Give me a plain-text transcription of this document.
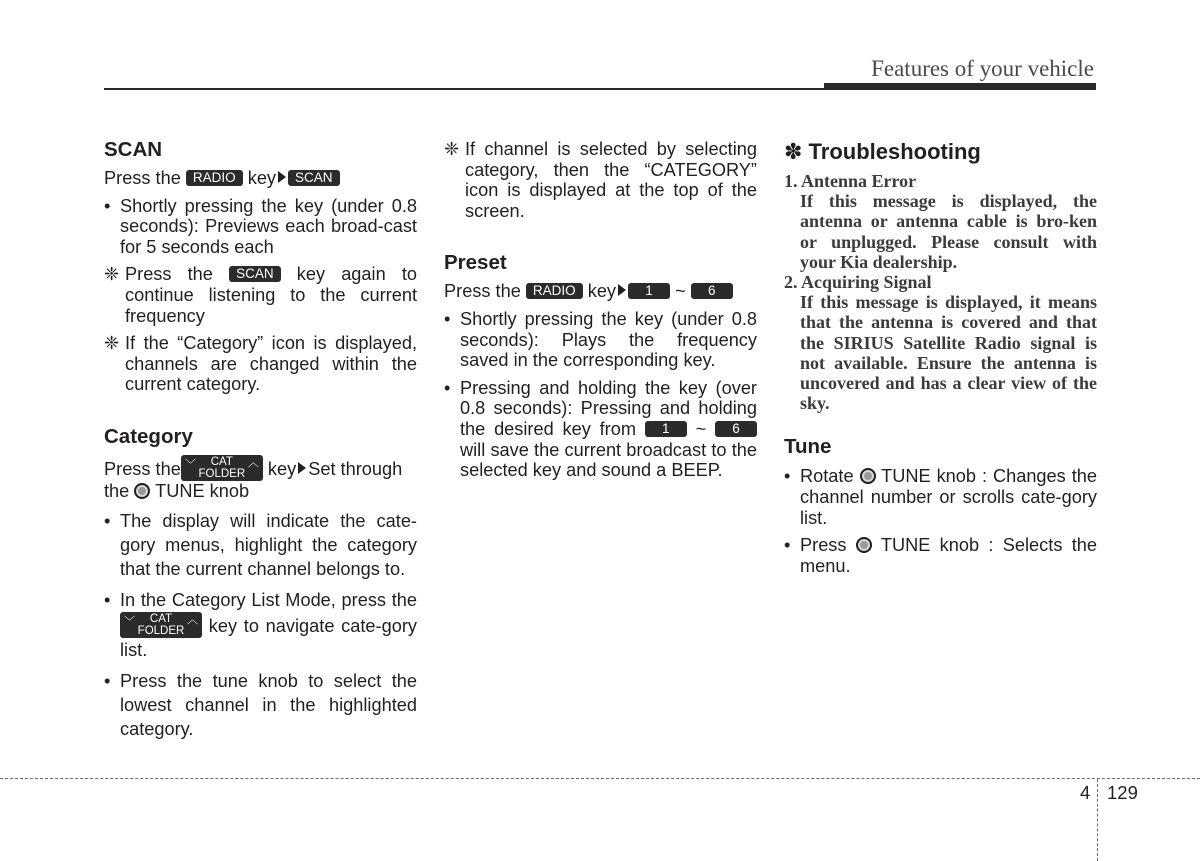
Features of your vehicle
SCAN

Press the RADIO key SCAN

• Shortly pressing the key (under 0.8 seconds): Previews each broad-cast for 5 seconds each
❈ Press the SCAN key again to continue listening to the current frequency
❈ If the “Category” icon is displayed, channels are changed within the current category.
Category

Press the ﹀	CAT
FOLDER
︿ key Set through
the TUNE knob

• The display will indicate the cate-gory menus, highlight the category that the current channel belongs to.
• In the Category List Mode, press the
﹀	CAT
FOLDER
︿ key to navigate cate-gory list.
• Press the tune knob to select the lowest channel in the highlighted category.
❈ If channel is selected by selecting category, then the “CATEGORY” icon is displayed at the top of the screen.
Preset

Press the RADIO key 1 ~ 6

• Shortly pressing the key (under 0.8 seconds): Plays the frequency saved in the corresponding key.
• Pressing and holding the key (over 0.8 seconds): Pressing and holding the desired key from 1 ~ 6 will save the current broadcast to the selected key and sound a BEEP.
✽ Troubleshooting
1. Antenna Error
If this message is displayed, the antenna or antenna cable is bro-ken or unplugged. Please consult with your Kia dealership.
2. Acquiring Signal
If this message is displayed, it means that the antenna is covered and that the SIRIUS Satellite Radio signal is not available. Ensure the antenna is uncovered and has a clear view of the sky.
Tune
• Rotate TUNE knob : Changes the channel number or scrolls cate-gory list.
• Press TUNE knob : Selects the menu.
4 129
